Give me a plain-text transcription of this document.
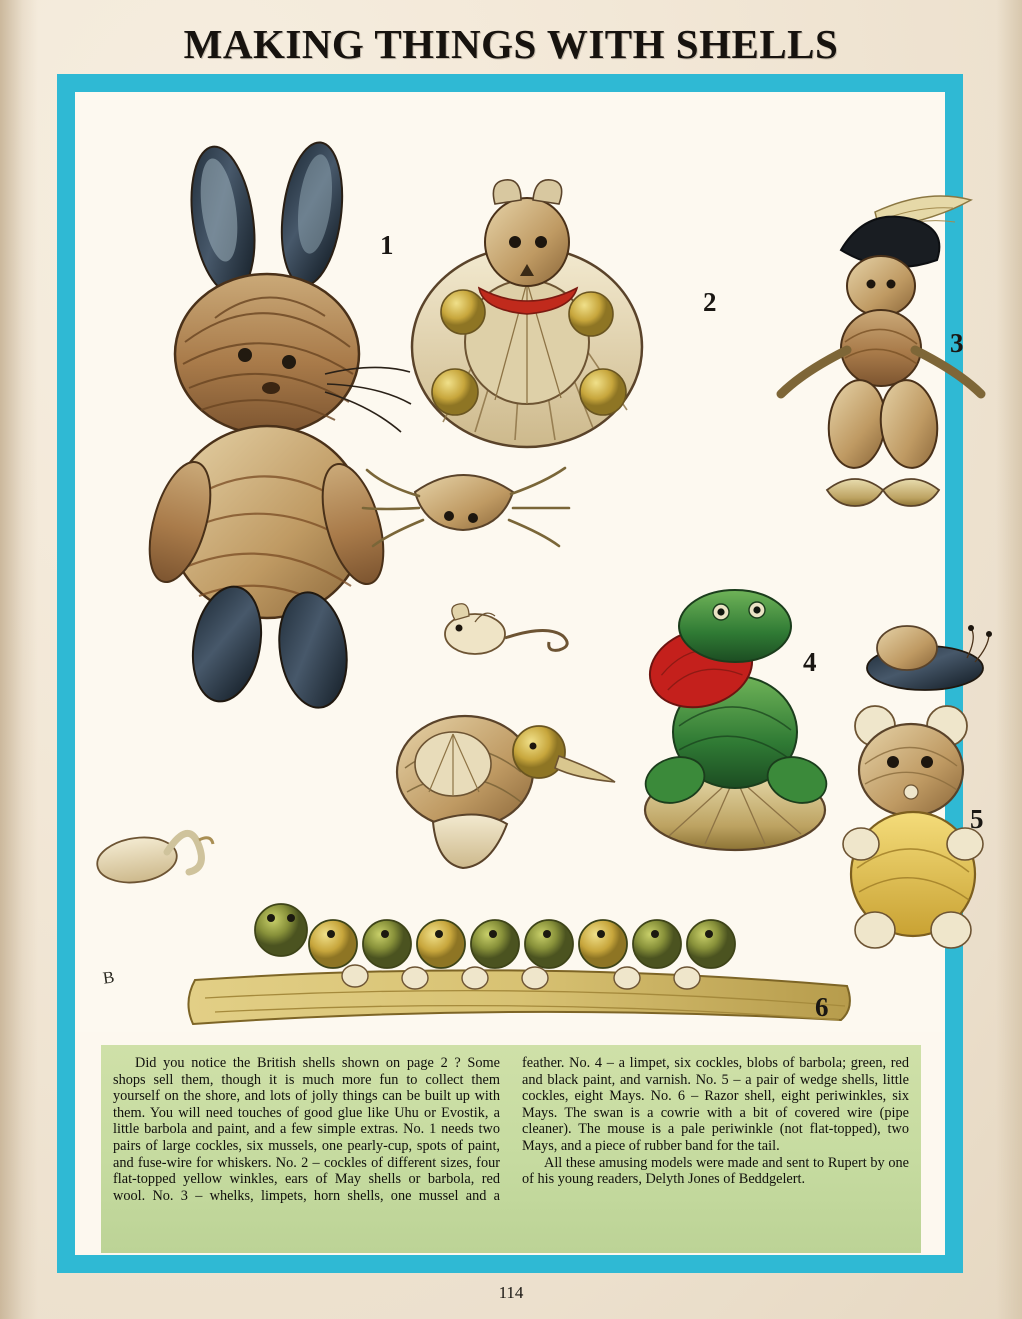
MAKING THINGS WITH SHELLS
B
1
2
3
4
5
6

Did you notice the British shells shown on page 2 ? Some shops sell them, though it is much more fun to collect them yourself on the shore, and lots of jolly things can be built up with them. You will need touches of good glue like Uhu or Evostik, a little barbola and paint, and a few simple extras. No. 1 needs two pairs of large cockles, six mussels, one pearly-cup, spots of paint, and fuse-wire for whiskers. No. 2 – cockles of different sizes, four flat-topped yellow winkles, ears of May shells or barbola, red wool. No. 3 – whelks, limpets, horn shells, one mussel and a feather. No. 4 – a limpet, six cockles, blobs of barbola; green, red and black paint, and varnish. No. 5 – a pair of wedge shells, little cockles, eight Mays. No. 6 – Razor shell, eight periwinkles, six Mays. The swan is a cowrie with a bit of covered wire (pipe cleaner). The mouse is a pale periwinkle (not flat-topped), two Mays, and a piece of rubber band for the tail.

All these amusing models were made and sent to Rupert by one of his young readers, Delyth Jones of Beddgelert.

114
